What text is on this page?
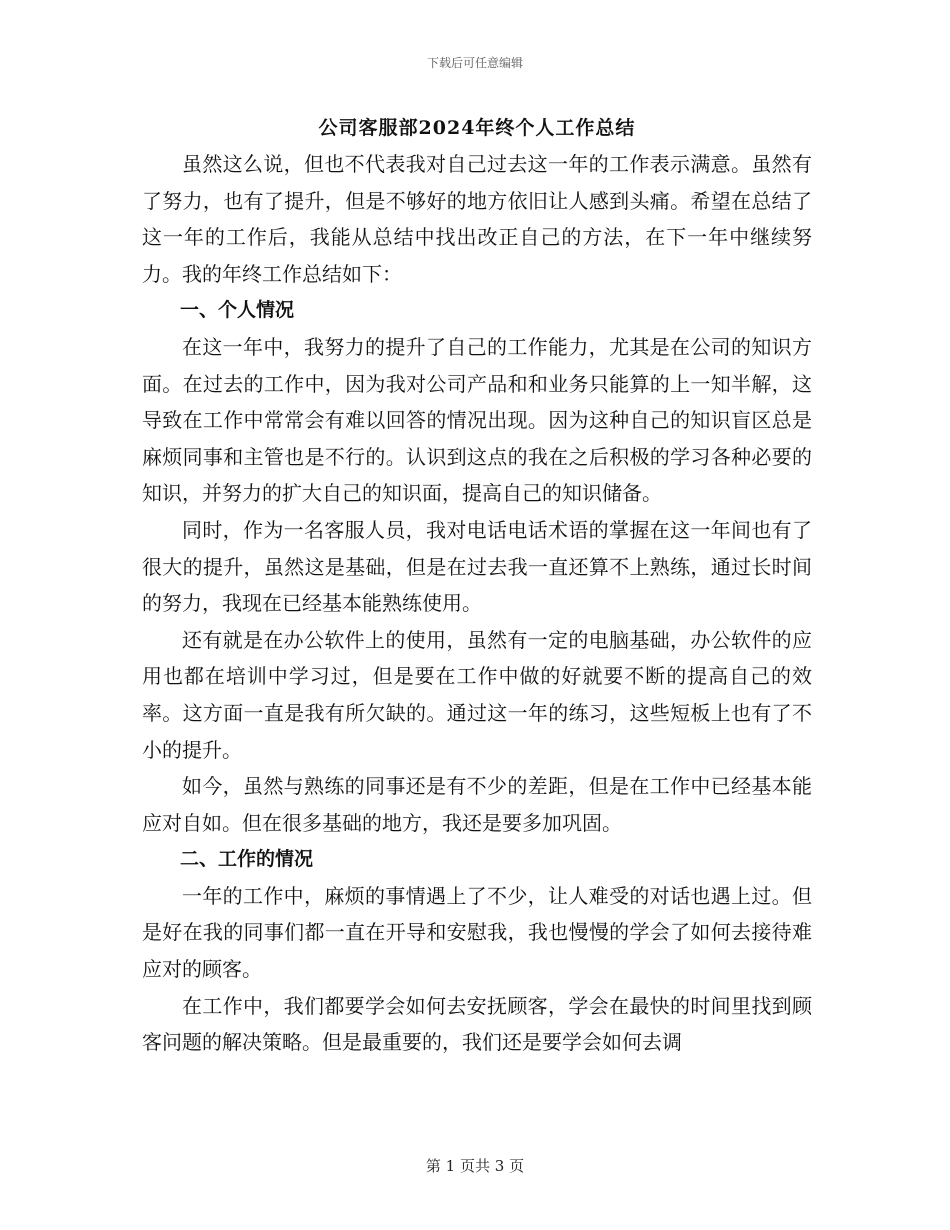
下载后可任意编辑
公司客服部2024年终个人工作总结

虽然这么说，但也不代表我对自己过去这一年的工作表示满意。虽然有了努力，也有了提升，但是不够好的地方依旧让人感到头痛。希望在总结了这一年的工作后，我能从总结中找出改正自己的方法，在下一年中继续努力。我的年终工作总结如下：

一、个人情况

在这一年中，我努力的提升了自己的工作能力，尤其是在公司的知识方面。在过去的工作中，因为我对公司产品和和业务只能算的上一知半解，这导致在工作中常常会有难以回答的情况出现。因为这种自己的知识盲区总是麻烦同事和主管也是不行的。认识到这点的我在之后积极的学习各种必要的知识，并努力的扩大自己的知识面，提高自己的知识储备。

同时，作为一名客服人员，我对电话电话术语的掌握在这一年间也有了很大的提升，虽然这是基础，但是在过去我一直还算不上熟练，通过长时间的努力，我现在已经基本能熟练使用。

还有就是在办公软件上的使用，虽然有一定的电脑基础，办公软件的应用也都在培训中学习过，但是要在工作中做的好就要不断的提高自己的效率。这方面一直是我有所欠缺的。通过这一年的练习，这些短板上也有了不小的提升。

如今，虽然与熟练的同事还是有不少的差距，但是在工作中已经基本能应对自如。但在很多基础的地方，我还是要多加巩固。

二、工作的情况

一年的工作中，麻烦的事情遇上了不少，让人难受的对话也遇上过。但是好在我的同事们都一直在开导和安慰我，我也慢慢的学会了如何去接待难应对的顾客。

在工作中，我们都要学会如何去安抚顾客，学会在最快的时间里找到顾客问题的解决策略。但是最重要的，我们还是要学会如何去调

第 1 页共 3 页
